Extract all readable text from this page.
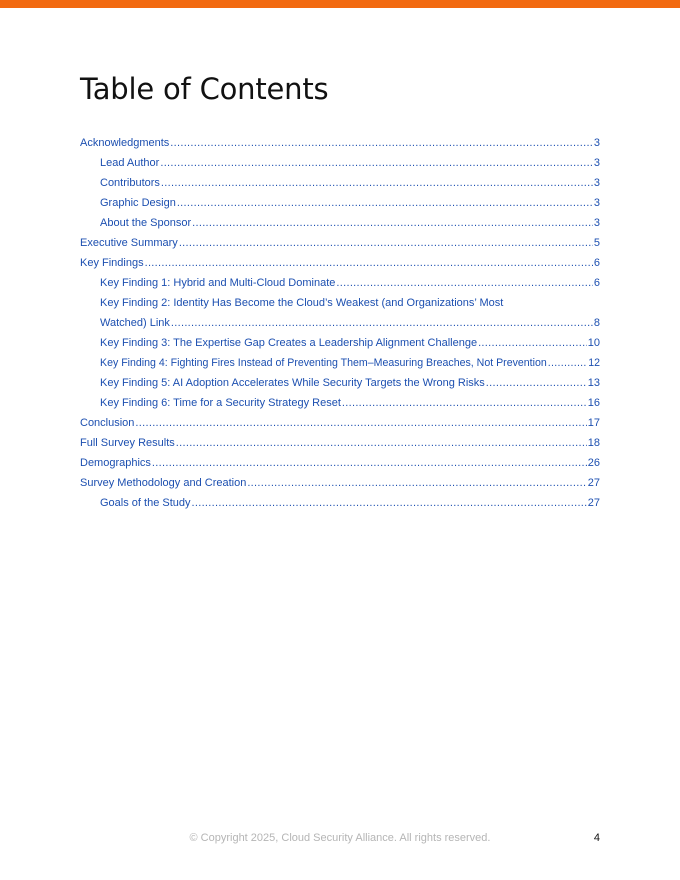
Table of Contents
Acknowledgments .....	3
Lead Author .....	3
Contributors .....	3
Graphic Design .....	3
About the Sponsor .....	3
Executive Summary .....	5
Key Findings .....	6
Key Finding 1: Hybrid and Multi-Cloud Dominate .....	6
Key Finding 2: Identity Has Become the Cloud’s Weakest (and Organizations’ Most
Watched) Link .....	8
Key Finding 3: The Expertise Gap Creates a Leadership Alignment Challenge .....	10
Key Finding 4: Fighting Fires Instead of Preventing Them–Measuring Breaches, Not Prevention .....	12
Key Finding 5: AI Adoption Accelerates While Security Targets the Wrong Risks .....	13
Key Finding 6: Time for a Security Strategy Reset .....	16
Conclusion .....	17
Full Survey Results .....	18
Demographics .....	26
Survey Methodology and Creation .....	27
Goals of the Study .....	27
© Copyright 2025, Cloud Security Alliance. All rights reserved.	4
